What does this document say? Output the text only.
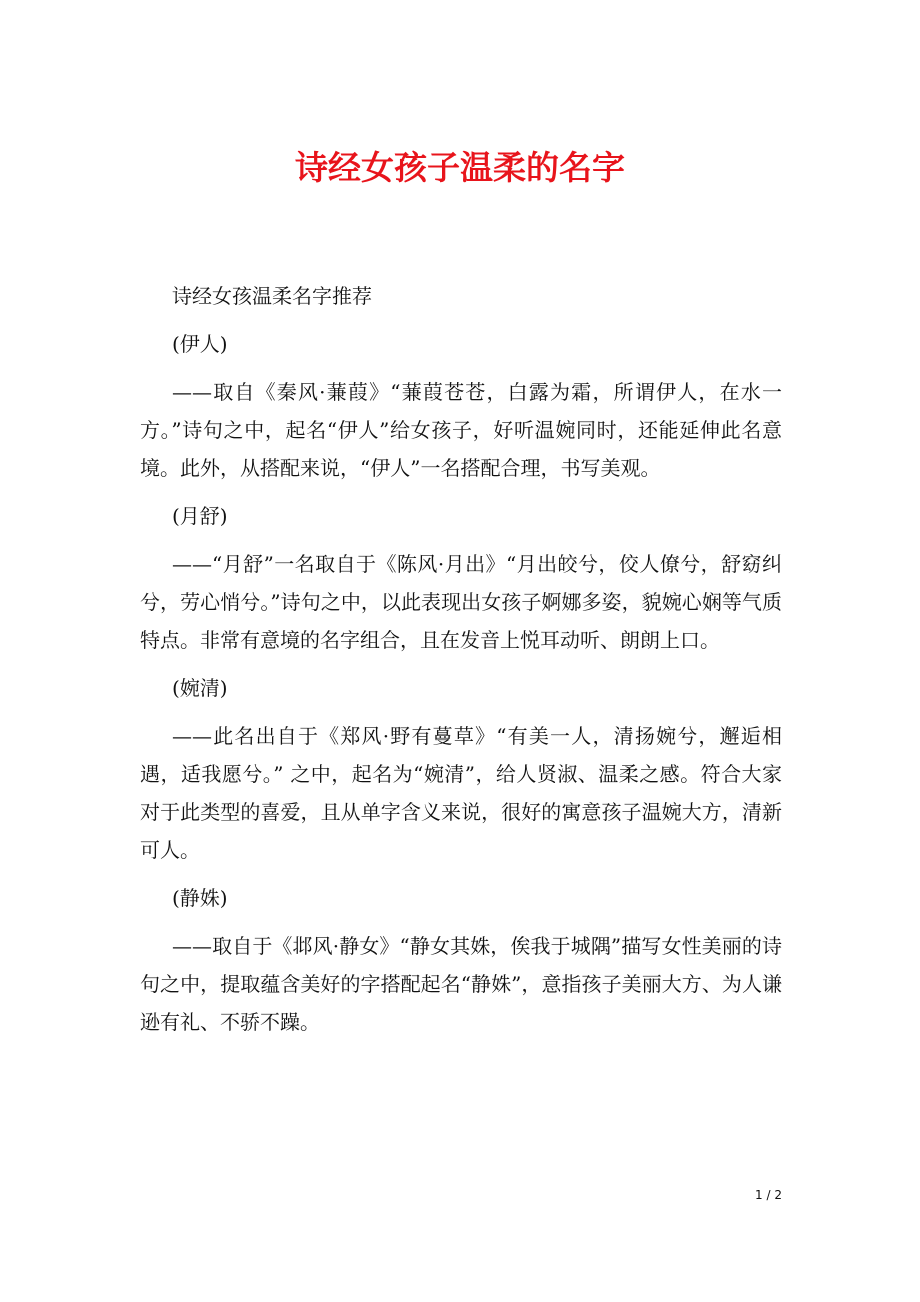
诗经女孩子温柔的名字

诗经女孩温柔名字推荐

(伊人)

——取自《秦风·蒹葭》“蒹葭苍苍，白露为霜，所谓伊人，在水一方。”诗句之中，起名“伊人”给女孩子，好听温婉同时，还能延伸此名意境。此外，从搭配来说，“伊人”一名搭配合理，书写美观。

(月舒)

——“月舒”一名取自于《陈风·月出》“月出皎兮，佼人僚兮，舒窈纠兮，劳心悄兮。”诗句之中，以此表现出女孩子婀娜多姿，貌婉心娴等气质特点。非常有意境的名字组合，且在发音上悦耳动听、朗朗上口。

(婉清)

——此名出自于《郑风·野有蔓草》“有美一人，清扬婉兮，邂逅相遇，适我愿兮。” 之中，起名为“婉清”，给人贤淑、温柔之感。符合大家对于此类型的喜爱，且从单字含义来说，很好的寓意孩子温婉大方，清新可人。

(静姝)

——取自于《邶风·静女》“静女其姝，俟我于城隅”描写女性美丽的诗句之中，提取蕴含美好的字搭配起名“静姝”，意指孩子美丽大方、为人谦逊有礼、不骄不躁。

1 / 2
